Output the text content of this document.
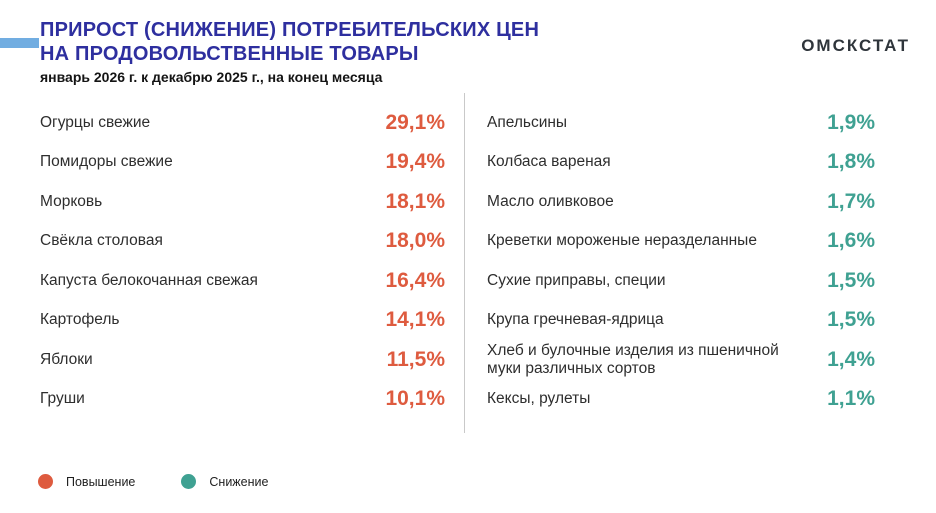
ПРИРОСТ (СНИЖЕНИЕ) ПОТРЕБИТЕЛЬСКИХ ЦЕН
НА ПРОДОВОЛЬСТВЕННЫЕ ТОВАРЫ
январь 2026 г. к декабрю 2025 г., на конец месяца
ОМСКСТАТ
Огурцы свежие	29,1%
Помидоры свежие	19,4%
Морковь	18,1%
Свёкла столовая	18,0%
Капуста белокочанная свежая	16,4%
Картофель	14,1%
Яблоки	11,5%
Груши	10,1%
Апельсины	1,9%
Колбаса вареная	1,8%
Масло оливковое	1,7%
Креветки мороженые неразделанные	1,6%
Сухие приправы, специи	1,5%
Крупа гречневая-ядрица	1,5%
Хлеб и булочные изделия из пшеничной муки различных сортов	1,4%
Кексы, рулеты	1,1%
Повышение	Снижение
